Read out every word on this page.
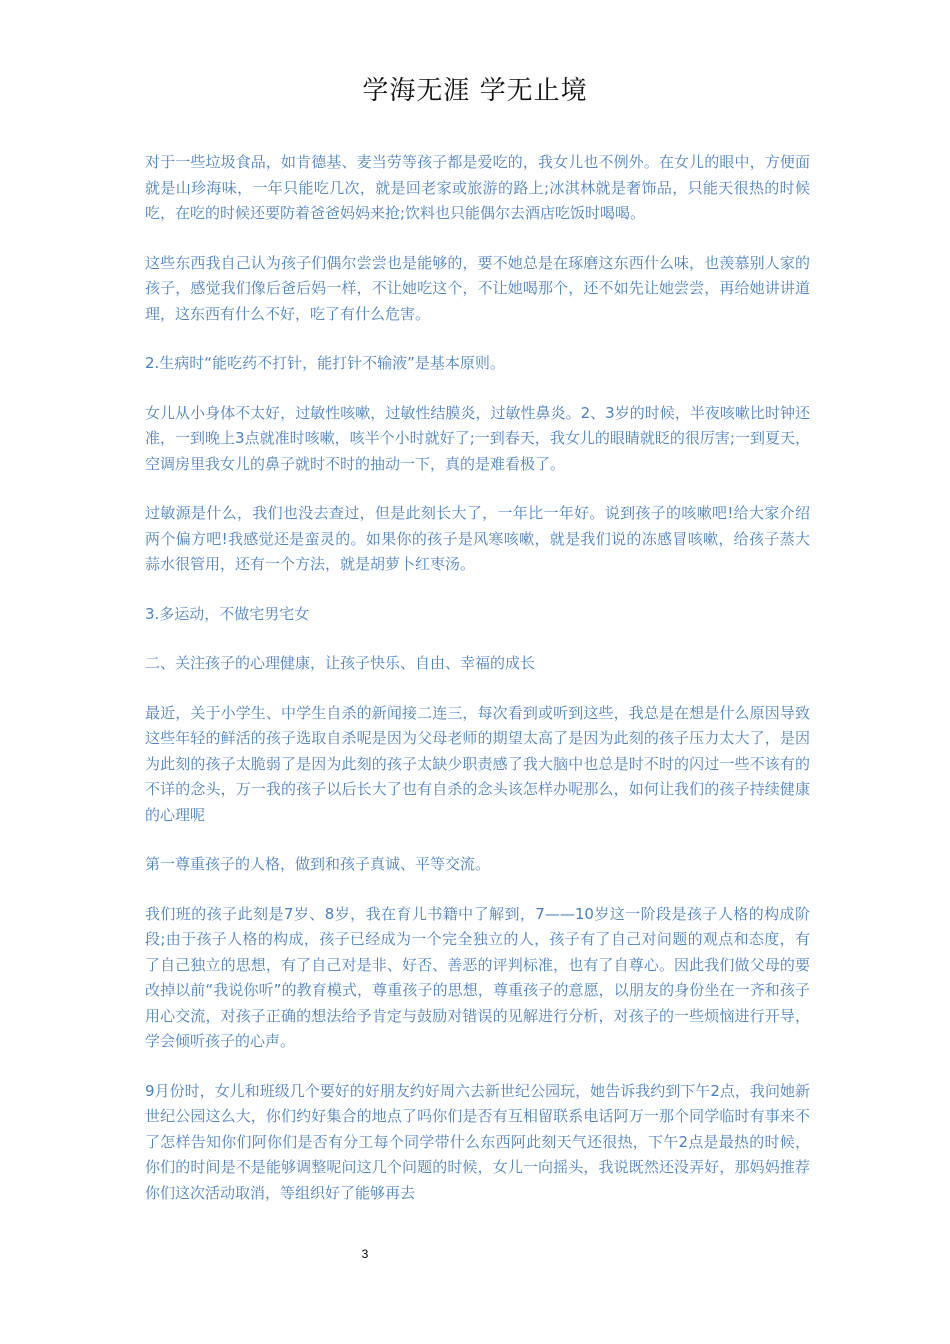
学海无涯 学无止境

对于一些垃圾食品，如肯德基、麦当劳等孩子都是爱吃的，我女儿也不例外。在女儿的眼中，方便面就是山珍海味，一年只能吃几次，就是回老家或旅游的路上;冰淇林就是奢饰品，只能天很热的时候吃，在吃的时候还要防着爸爸妈妈来抢;饮料也只能偶尔去酒店吃饭时喝喝。

这些东西我自己认为孩子们偶尔尝尝也是能够的，要不她总是在琢磨这东西什么味，也羡慕别人家的孩子，感觉我们像后爸后妈一样，不让她吃这个，不让她喝那个，还不如先让她尝尝，再给她讲讲道理，这东西有什么不好，吃了有什么危害。

2.生病时“能吃药不打针，能打针不输液”是基本原则。

女儿从小身体不太好，过敏性咳嗽，过敏性结膜炎，过敏性鼻炎。2、3岁的时候，半夜咳嗽比时钟还准，一到晚上3点就准时咳嗽，咳半个小时就好了;一到春天，我女儿的眼睛就眨的很厉害;一到夏天，空调房里我女儿的鼻子就时不时的抽动一下，真的是难看极了。

过敏源是什么，我们也没去查过，但是此刻长大了，一年比一年好。说到孩子的咳嗽吧!给大家介绍两个偏方吧!我感觉还是蛮灵的。如果你的孩子是风寒咳嗽，就是我们说的冻感冒咳嗽，给孩子蒸大蒜水很管用，还有一个方法，就是胡萝卜红枣汤。

3.多运动，不做宅男宅女

二、关注孩子的心理健康，让孩子快乐、自由、幸福的成长

最近，关于小学生、中学生自杀的新闻接二连三，每次看到或听到这些，我总是在想是什么原因导致这些年轻的鲜活的孩子选取自杀呢是因为父母老师的期望太高了是因为此刻的孩子压力太大了，是因为此刻的孩子太脆弱了是因为此刻的孩子太缺少职责感了我大脑中也总是时不时的闪过一些不该有的不详的念头，万一我的孩子以后长大了也有自杀的念头该怎样办呢那么，如何让我们的孩子持续健康的心理呢

第一尊重孩子的人格，做到和孩子真诚、平等交流。

我们班的孩子此刻是7岁、8岁，我在育儿书籍中了解到，7——10岁这一阶段是孩子人格的构成阶段;由于孩子人格的构成，孩子已经成为一个完全独立的人，孩子有了自己对问题的观点和态度，有了自己独立的思想，有了自己对是非、好否、善恶的评判标准，也有了自尊心。因此我们做父母的要改掉以前“我说你听”的教育模式，尊重孩子的思想，尊重孩子的意愿，以朋友的身份坐在一齐和孩子用心交流，对孩子正确的想法给予肯定与鼓励对错误的见解进行分析，对孩子的一些烦恼进行开导，学会倾听孩子的心声。

9月份时，女儿和班级几个要好的好朋友约好周六去新世纪公园玩，她告诉我约到下午2点，我问她新世纪公园这么大，你们约好集合的地点了吗你们是否有互相留联系电话阿万一那个同学临时有事来不了怎样告知你们阿你们是否有分工每个同学带什么东西阿此刻天气还很热，下午2点是最热的时候，你们的时间是不是能够调整呢问这几个问题的时候，女儿一向摇头，我说既然还没弄好，那妈妈推荐你们这次活动取消，等组织好了能够再去

3
